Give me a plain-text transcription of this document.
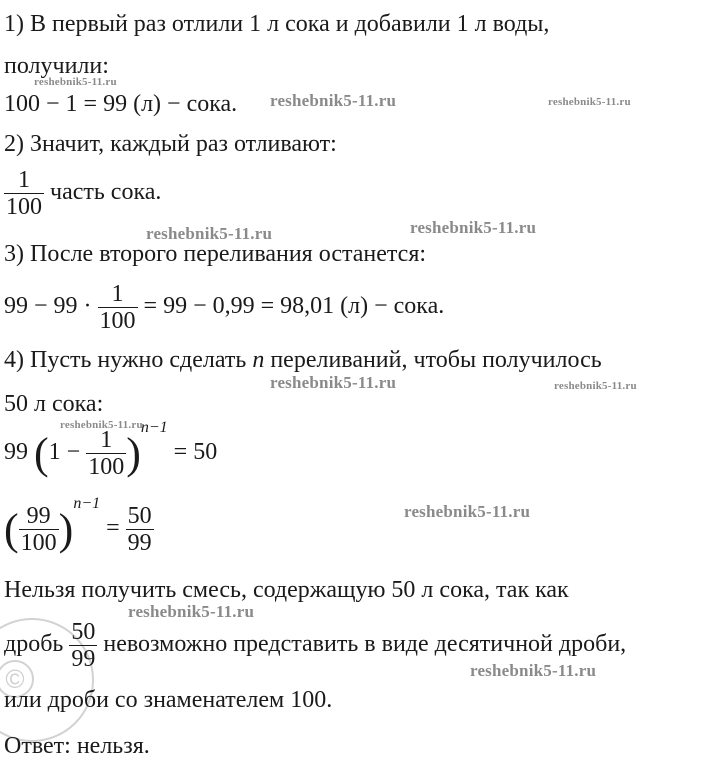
©
1) В первый раз отлили 1 л сока и добавили 1 л воды,
получили:
100 − 1 = 99 (л) − сока.
2) Значит, каждый раз отливают:
$\frac{1}{100}$ часть сока.
3) После второго переливания останется:
$99 - 99 \cdot \frac{1}{100} = 99 - 0,99 = 98,01$ (л) − сока.
4) Пусть нужно сделать n переливаний, чтобы получилось
50 л сока:
99 $(1 - \frac{1}{100} )^{n-1} = 50$
( $\frac{99}{100} )^{n-1} = \frac{50}{99}$
Нельзя получить смесь, содержащую 50 л сока, так как
дробь $\frac{50}{99}$ невозможно представить в виде десятичной дроби,
или дроби со знаменателем 100.
Ответ: нельзя.
reshebnik5-11.ru
reshebnik5-11.ru	reshebnik5-11.ru
reshebnik5-11.ru	reshebnik5-11.ru
reshebnik5-11.ru	reshebnik5-11.ru
reshebnik5-11.ru
reshebnik5-11.ru
reshebnik5-11.ru
reshebnik5-11.ru
